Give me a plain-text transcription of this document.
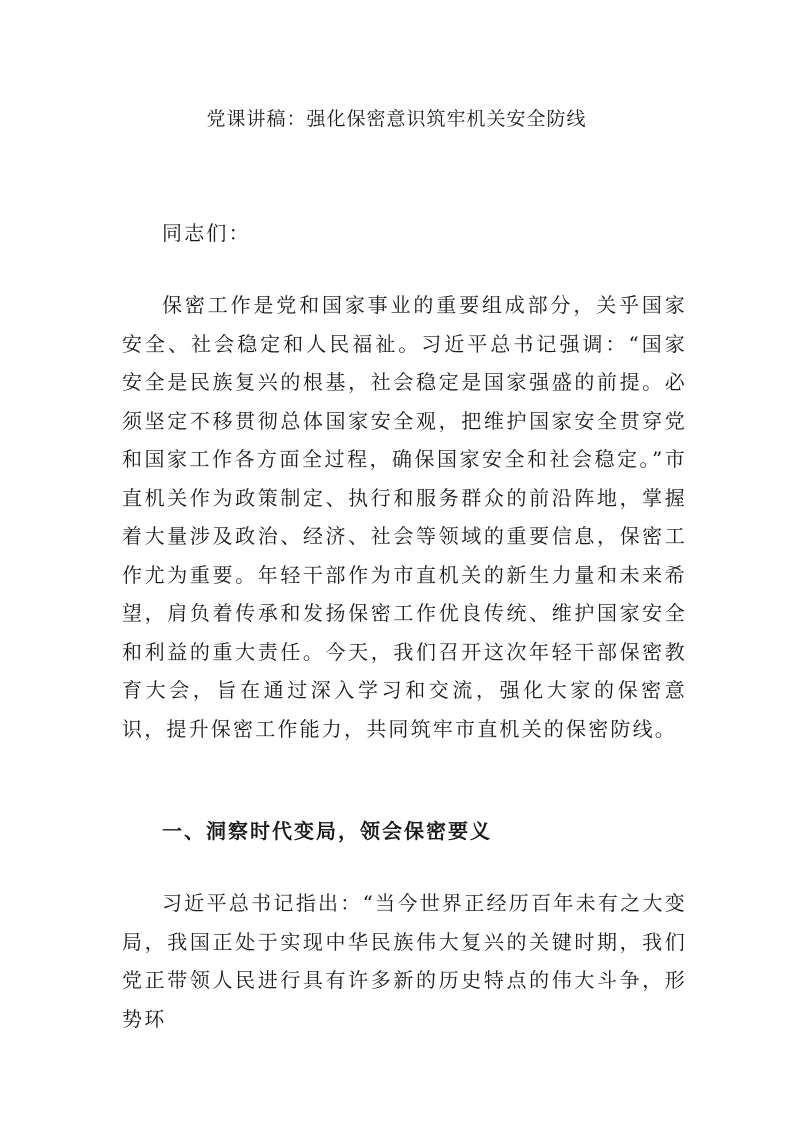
党课讲稿：强化保密意识筑牢机关安全防线

同志们：

保密工作是党和国家事业的重要组成部分，关乎国家安全、社会稳定和人民福祉。习近平总书记强调：“国家安全是民族复兴的根基，社会稳定是国家强盛的前提。必须坚定不移贯彻总体国家安全观，把维护国家安全贯穿党和国家工作各方面全过程，确保国家安全和社会稳定。”市直机关作为政策制定、执行和服务群众的前沿阵地，掌握着大量涉及政治、经济、社会等领域的重要信息，保密工作尤为重要。年轻干部作为市直机关的新生力量和未来希望，肩负着传承和发扬保密工作优良传统、维护国家安全和利益的重大责任。今天，我们召开这次年轻干部保密教育大会，旨在通过深入学习和交流，强化大家的保密意识，提升保密工作能力，共同筑牢市直机关的保密防线。

一、洞察时代变局，领会保密要义

习近平总书记指出：“当今世界正经历百年未有之大变局，我国正处于实现中华民族伟大复兴的关键时期，我们党正带领人民进行具有许多新的历史特点的伟大斗争，形势环
